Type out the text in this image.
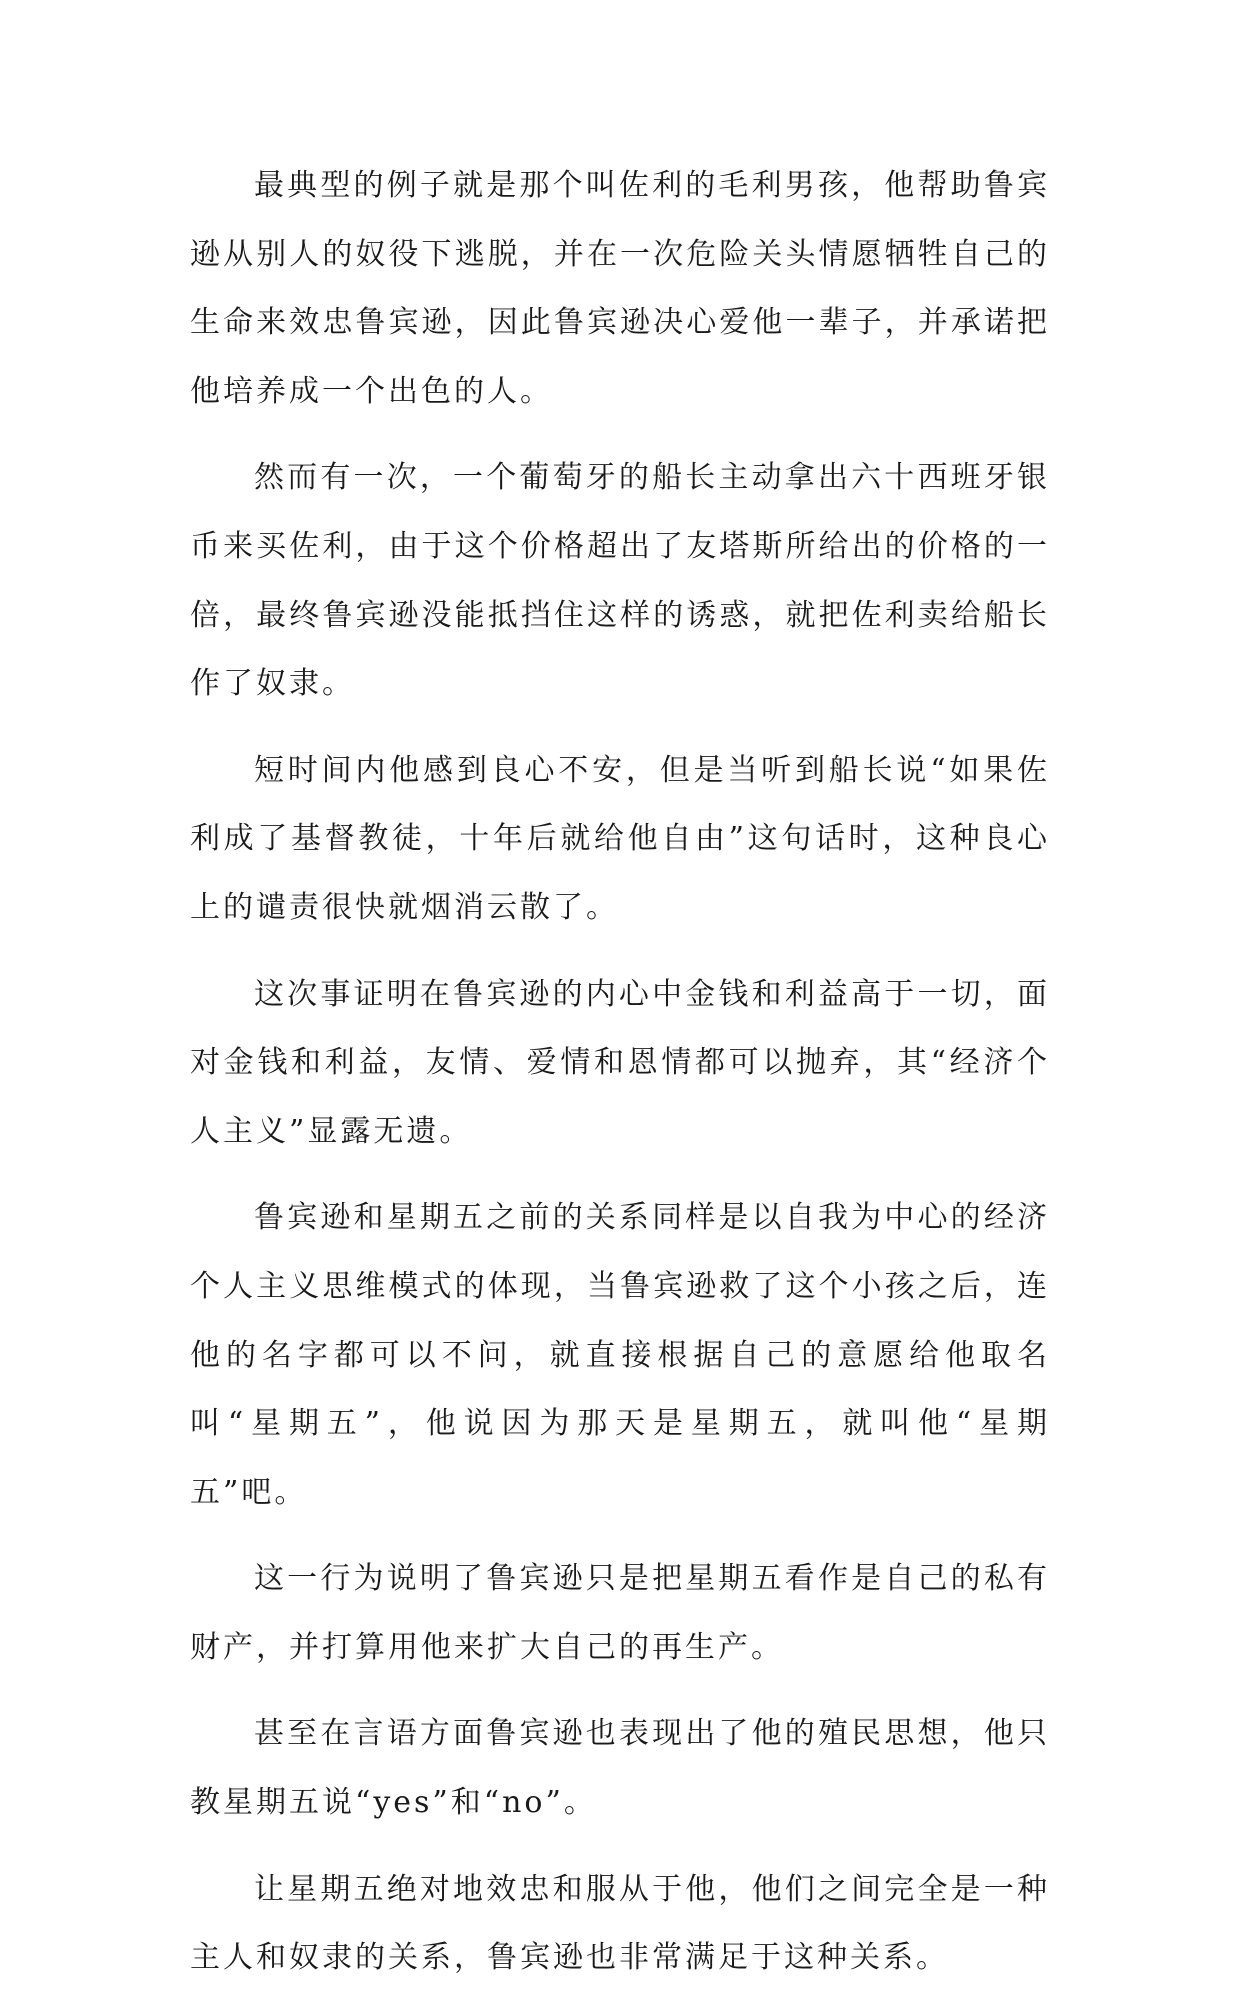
最典型的例子就是那个叫佐利的毛利男孩，他帮助鲁宾逊从别人的奴役下逃脱，并在一次危险关头情愿牺牲自己的生命来效忠鲁宾逊，因此鲁宾逊决心爱他一辈子，并承诺把他培养成一个出色的人。

然而有一次，一个葡萄牙的船长主动拿出六十西班牙银币来买佐利，由于这个价格超出了友塔斯所给出的价格的一倍，最终鲁宾逊没能抵挡住这样的诱惑，就把佐利卖给船长作了奴隶。

短时间内他感到良心不安，但是当听到船长说“如果佐利成了基督教徒，十年后就给他自由”这句话时，这种良心上的谴责很快就烟消云散了。

这次事证明在鲁宾逊的内心中金钱和利益高于一切，面对金钱和利益，友情、爱情和恩情都可以抛弃，其“经济个人主义”显露无遗。

鲁宾逊和星期五之前的关系同样是以自我为中心的经济个人主义思维模式的体现，当鲁宾逊救了这个小孩之后，连他的名字都可以不问，就直接根据自己的意愿给他取名叫“星期五”，他说因为那天是星期五，就叫他“星期五”吧。

这一行为说明了鲁宾逊只是把星期五看作是自己的私有财产，并打算用他来扩大自己的再生产。

甚至在言语方面鲁宾逊也表现出了他的殖民思想，他只教星期五说“yes”和“no”。

让星期五绝对地效忠和服从于他，他们之间完全是一种主人和奴隶的关系，鲁宾逊也非常满足于这种关系。
